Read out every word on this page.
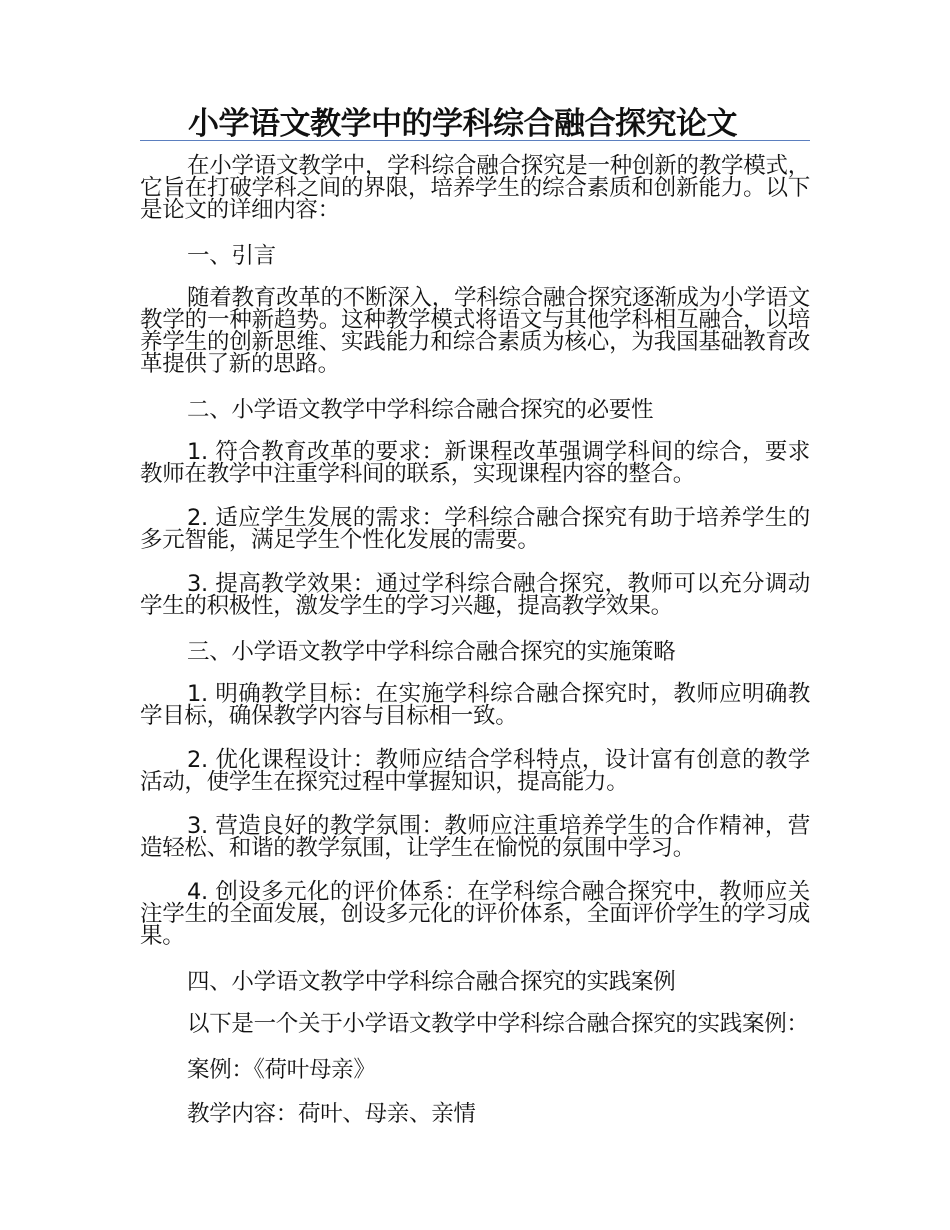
小学语文教学中的学科综合融合探究论文

在小学语文教学中，学科综合融合探究是一种创新的教学模式，它旨在打破学科之间的界限，培养学生的综合素质和创新能力。以下是论文的详细内容：

一、引言

随着教育改革的不断深入，学科综合融合探究逐渐成为小学语文教学的一种新趋势。这种教学模式将语文与其他学科相互融合，以培养学生的创新思维、实践能力和综合素质为核心，为我国基础教育改革提供了新的思路。

二、小学语文教学中学科综合融合探究的必要性

1. 符合教育改革的要求：新课程改革强调学科间的综合，要求教师在教学中注重学科间的联系，实现课程内容的整合。

2. 适应学生发展的需求：学科综合融合探究有助于培养学生的多元智能，满足学生个性化发展的需要。

3. 提高教学效果：通过学科综合融合探究，教师可以充分调动学生的积极性，激发学生的学习兴趣，提高教学效果。

三、小学语文教学中学科综合融合探究的实施策略

1. 明确教学目标：在实施学科综合融合探究时，教师应明确教学目标，确保教学内容与目标相一致。

2. 优化课程设计：教师应结合学科特点，设计富有创意的教学活动，使学生在探究过程中掌握知识，提高能力。

3. 营造良好的教学氛围：教师应注重培养学生的合作精神，营造轻松、和谐的教学氛围，让学生在愉悦的氛围中学习。

4. 创设多元化的评价体系：在学科综合融合探究中，教师应关注学生的全面发展，创设多元化的评价体系，全面评价学生的学习成果。

四、小学语文教学中学科综合融合探究的实践案例

以下是一个关于小学语文教学中学科综合融合探究的实践案例：

案例：《荷叶母亲》
教学内容：荷叶、母亲、亲情
